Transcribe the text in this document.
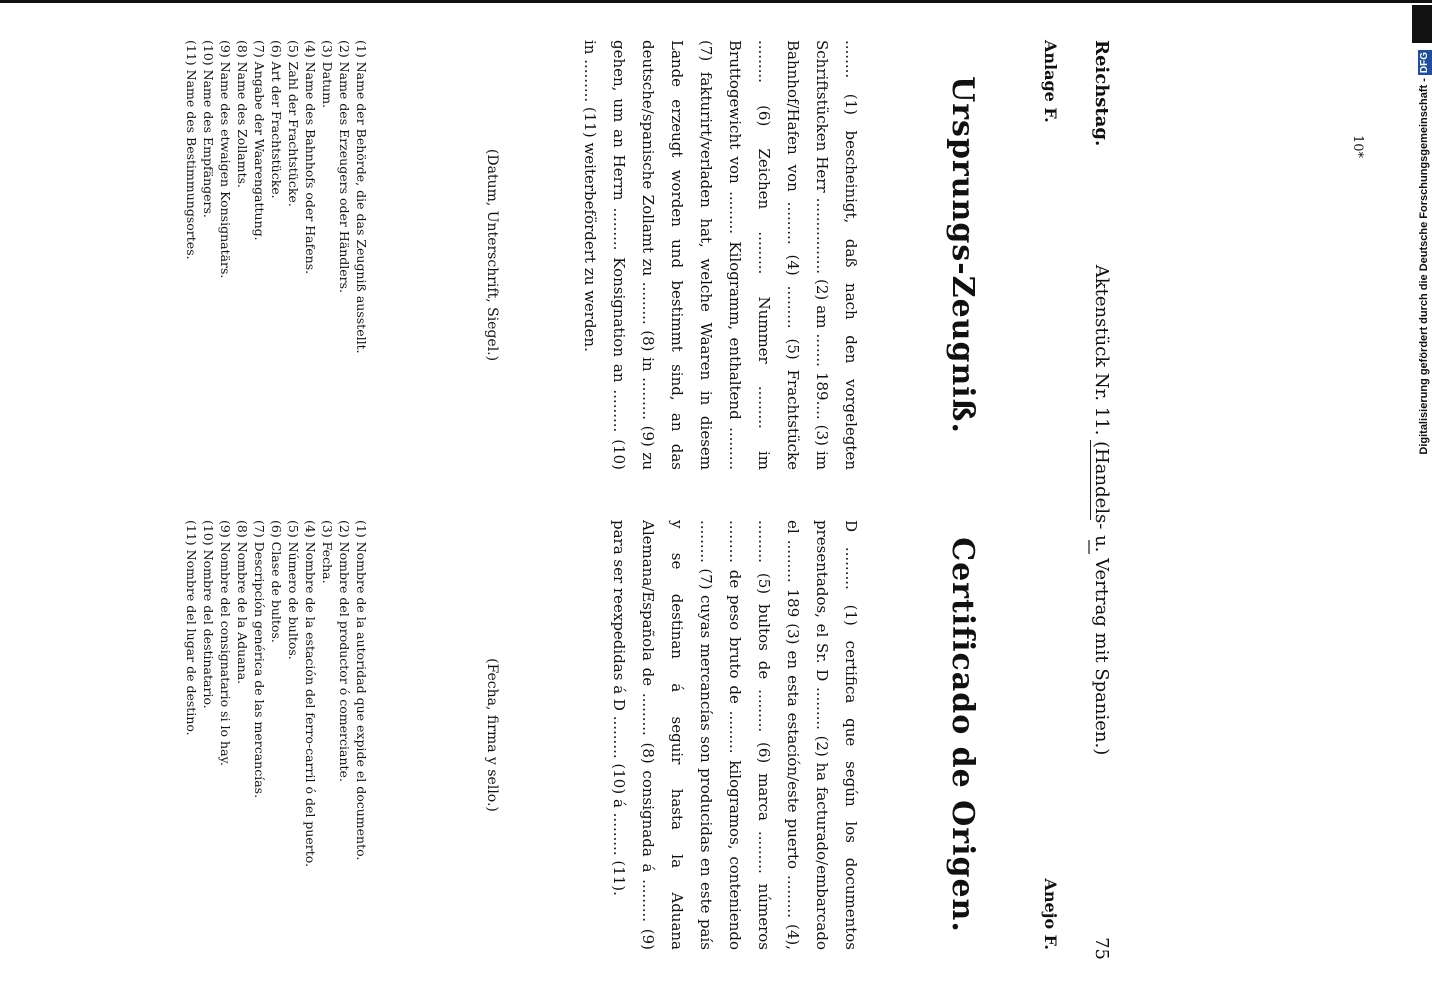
Reichstag.
Aktenstück Nr. 11. (Handels- u. Vertrag mit Spanien.)
75
Anlage F.
Ursprungs-Zeugniß.
........ (1) bescheinigt, daß nach den vorgelegten Schriftstücken Herr ................ (2) am ....... 189.... (3) im Bahnhof/Hafen von ......... (4) ......... (5) Frachtstücke ......... (6) Zeichen ......... Nummer ......... im Bruttogewicht von ......... Kilogramm, enthaltend ......... (7) fakturirt/verladen hat, welche Waaren in diesem Lande erzeugt worden und bestimmt sind, an das deutsche/spanische Zollamt zu ......... (8) in ......... (9) zu gehen, um an Herrn ......... Konsignation an ......... (10) in ......... (11) weiterbefördert zu werden.
(Datum, Unterschrift, Siegel.)
(1) Name der Behörde, die das Zeugniß ausstellt.
(2) Name des Erzeugers oder Händlers.
(3) Datum.
(4) Name des Bahnhofs oder Hafens.
(5) Zahl der Frachtstücke.
(6) Art der Frachtstücke.
(7) Angabe der Waarengattung.
(8) Name des Zollamts.
(9) Name des etwaigen Konsignatärs.
(10) Name des Empfängers.
(11) Name des Bestimmungsortes.
Anejo F.
Certificado de Origen.
D ......... (1) certifica que según los documentos presentados, el Sr. D ......... (2) ha facturado/embarcado el ......... 189 (3) en esta estación/este puerto ......... (4), ......... (5) bultos de ......... (6) marca ......... números ......... de peso bruto de ......... kilogramos, conteniendo ......... (7) cuyas mercancías son producidas en este país y se destinan á seguir hasta la Aduana Alemana/Española de ......... (8) consignada á ......... (9) para ser reexpedidas á D ......... (10) á ......... (11).
(Fecha, firma y sello.)
(1) Nombre de la autoridad que expide el documento.
(2) Nombre del productor ó comerciante.
(3) Fecha.
(4) Nombre de la estación del ferro-carril ó del puerto.
(5) Número de bultos.
(6) Clase de bultos.
(7) Descripción genérica de las mercancías.
(8) Nombre de la Aduana.
(9) Nombre del consignatario si lo hay.
(10) Nombre del destinatario.
(11) Nombre del lugar de destino.
10*	Digitalisierung gefördert durch die Deutsche Forschungsgemeinschaft -DFG
